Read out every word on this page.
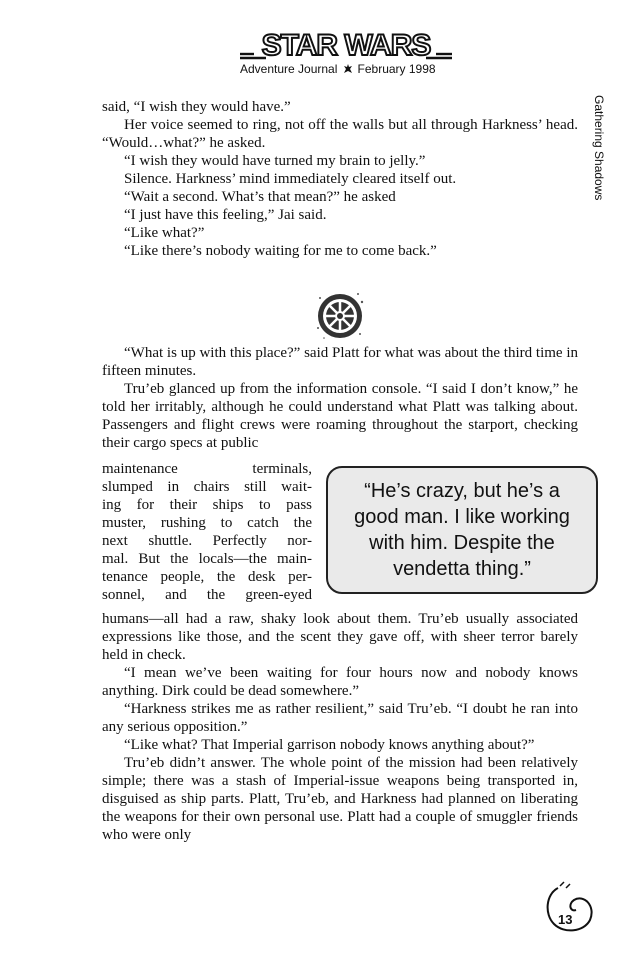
STAR WARS
Adventure Journal February 1998
Gathering Shadows

said, “I wish they would have.”

Her voice seemed to ring, not off the walls but all through Harkness’ head. “Would…what?” he asked.

“I wish they would have turned my brain to jelly.”

Silence. Harkness’ mind immediately cleared itself out.

“Wait a second. What’s that mean?” he asked

“I just have this feeling,” Jai said.

“Like what?”

“Like there’s nobody waiting for me to come back.”

“What is up with this place?” said Platt for what was about the third time in fifteen minutes.

Tru’eb glanced up from the information console. “I said I don’t know,” he told her irritably, although he could understand what Platt was talking about. Passengers and flight crews were roaming throughout the starport, checking their cargo specs at public

maintenance terminals,

slumped in chairs still wait-

ing for their ships to pass

muster, rushing to catch the

next shuttle. Perfectly nor-

mal. But the locals—the main-

tenance people, the desk per-

sonnel, and the green-eyed

“He’s crazy, but he’s a
good man. I like working
with him. Despite the
vendetta thing.”

humans—all had a raw, shaky look about them. Tru’eb usually associated expressions like those, and the scent they gave off, with sheer terror barely held in check.

“I mean we’ve been waiting for four hours now and nobody knows anything. Dirk could be dead somewhere.”

“Harkness strikes me as rather resilient,” said Tru’eb. “I doubt he ran into any serious opposition.”

“Like what? That Imperial garrison nobody knows anything about?”

Tru’eb didn’t answer. The whole point of the mission had been relatively simple; there was a stash of Imperial-issue weapons being transported in, disguised as ship parts. Platt, Tru’eb, and Harkness had planned on liberating the weapons for their own personal use. Platt had a couple of smuggler friends who were only

13
